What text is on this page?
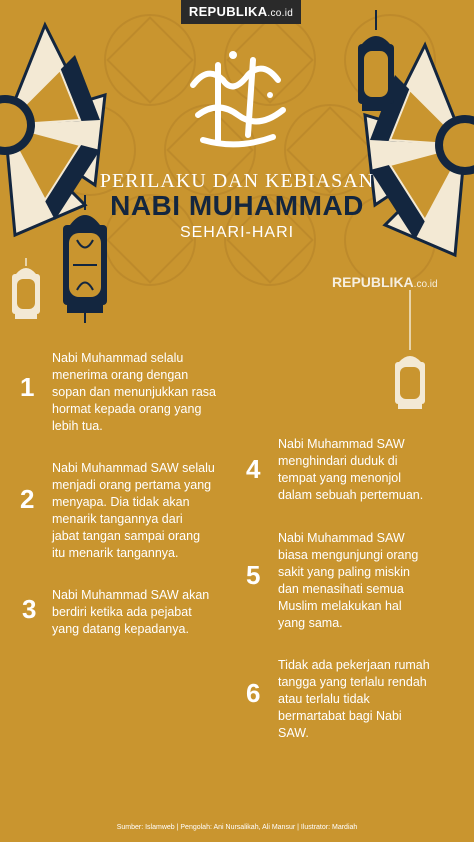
REPUBLIKA.co.id
PERILAKU DAN KEBIASAN
NABI MUHAMMAD
SEHARI-HARI
REPUBLIKA.co.id
1
Nabi Muhammad selalu
menerima orang dengan
sopan dan menunjukkan rasa
hormat kepada orang yang
lebih tua.
2
Nabi Muhammad SAW selalu
menjadi orang pertama yang
menyapa. Dia tidak akan
menarik tangannya dari
jabat tangan sampai orang
itu menarik tangannya.
3 Nabi Muhammad SAW akan
berdiri ketika ada pejabat
yang datang kepadanya.
4
Nabi Muhammad SAW
menghindari duduk di
tempat yang menonjol
dalam sebuah pertemuan.
5
Nabi Muhammad SAW
biasa mengunjungi orang
sakit yang paling miskin
dan menasihati semua
Muslim melakukan hal
yang sama.
6
Tidak ada pekerjaan rumah
tangga yang terlalu rendah
atau terlalu tidak
bermartabat bagi Nabi
SAW.
Sumber: Islamweb | Pengolah: Ani Nursalikah, Ali Mansur | Ilustrator: Mardiah
